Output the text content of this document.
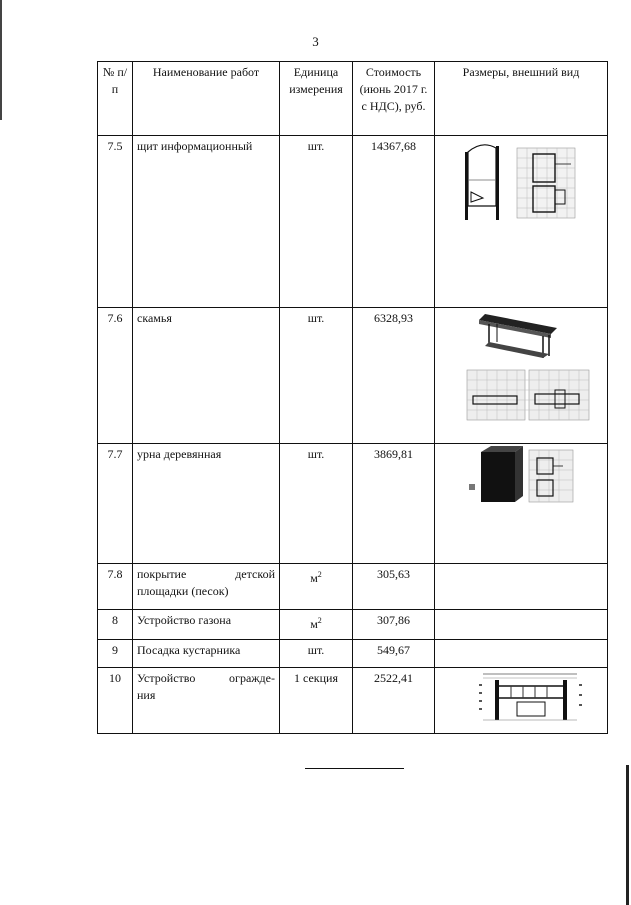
3
№ п/п	Наименование работ	Единица измерения	Стоимость (июнь 2017 г. с НДС), руб.	Размеры, внешний вид
7.5	щит информационный	шт.	14367,68	

7.6	скамья	шт.	6328,93	

7.7	урна деревянная	шт.	3869,81	

7.8	покрытие детской
площадки (песок)	$м^2$	305,63	
8	Устройство газона	$м^2$	307,86	
9	Посадка кустарника	шт.	549,67	
10	Устройство огражде-
ния	1 секция	2522,41	
